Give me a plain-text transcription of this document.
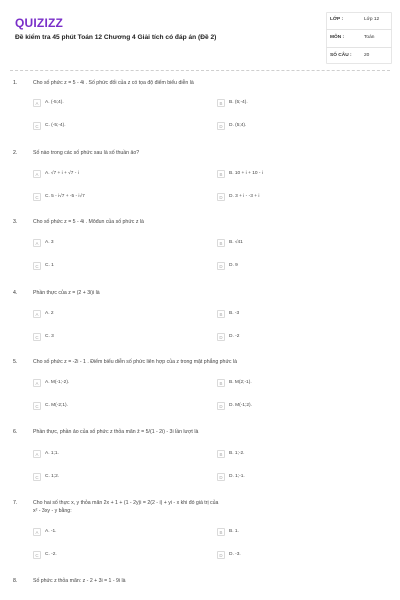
QUIZIZZ
Đề kiểm tra 45 phút Toán 12 Chương 4 Giải tích có đáp án (Đề 2)
LỚP :	Lớp 12
MÔN :	Toán
SỐ CÂU :	20
1.	Cho số phức z = 5 - 4i . Số phức đối của z có tọa độ điểm biểu diễn là
A	A. (-5;4).	B	B. (5;-4).
C	C. (-5;-4).	D	D. (5;4).
2.	Số nào trong các số phức sau là số thuần ảo?
A	A. √7 + i + √7 - i	B	B. 10 + i + 10 - i
C	C. 5 - i√7 + -5 - i√7	D	D. 3 + i - -3 + i
3.	Cho số phức z = 5 - 4i . Môđun của số phức z là
A	A. 3	B	B. √41
C	C. 1	D	D. 9
4.	Phần thực của z = (2 + 3i)i là
A	A. 2	B	B. -3
C	C. 3	D	D. -2
5.	Cho số phức z = -2i - 1 . Điểm biểu diễn số phức liên hợp của z trong mặt phẳng phức là
A	A. M(-1;-2).	B	B. M(2;-1).
C	C. M(-2;1).	D	D. M(-1;2).
6.	Phần thực, phần ảo của số phức z thỏa mãn z̄ = 5/(1 - 2i) - 3i lần lượt là
A	A. 1;1.	B	B. 1;-2.
C	C. 1;2.	D	D. 1;-1.
7.	Cho hai số thực x, y thỏa mãn 2x + 1 + (1 - 2y)i = 2(2 - i) + yi - x khi đó giá trị của
x² - 3xy - y bằng:
A	A. -1.	B	B. 1.
C	C. -2.	D	D. -3.
8.	Số phức z thỏa mãn: z - 2 + 3i = 1 - 9i là
